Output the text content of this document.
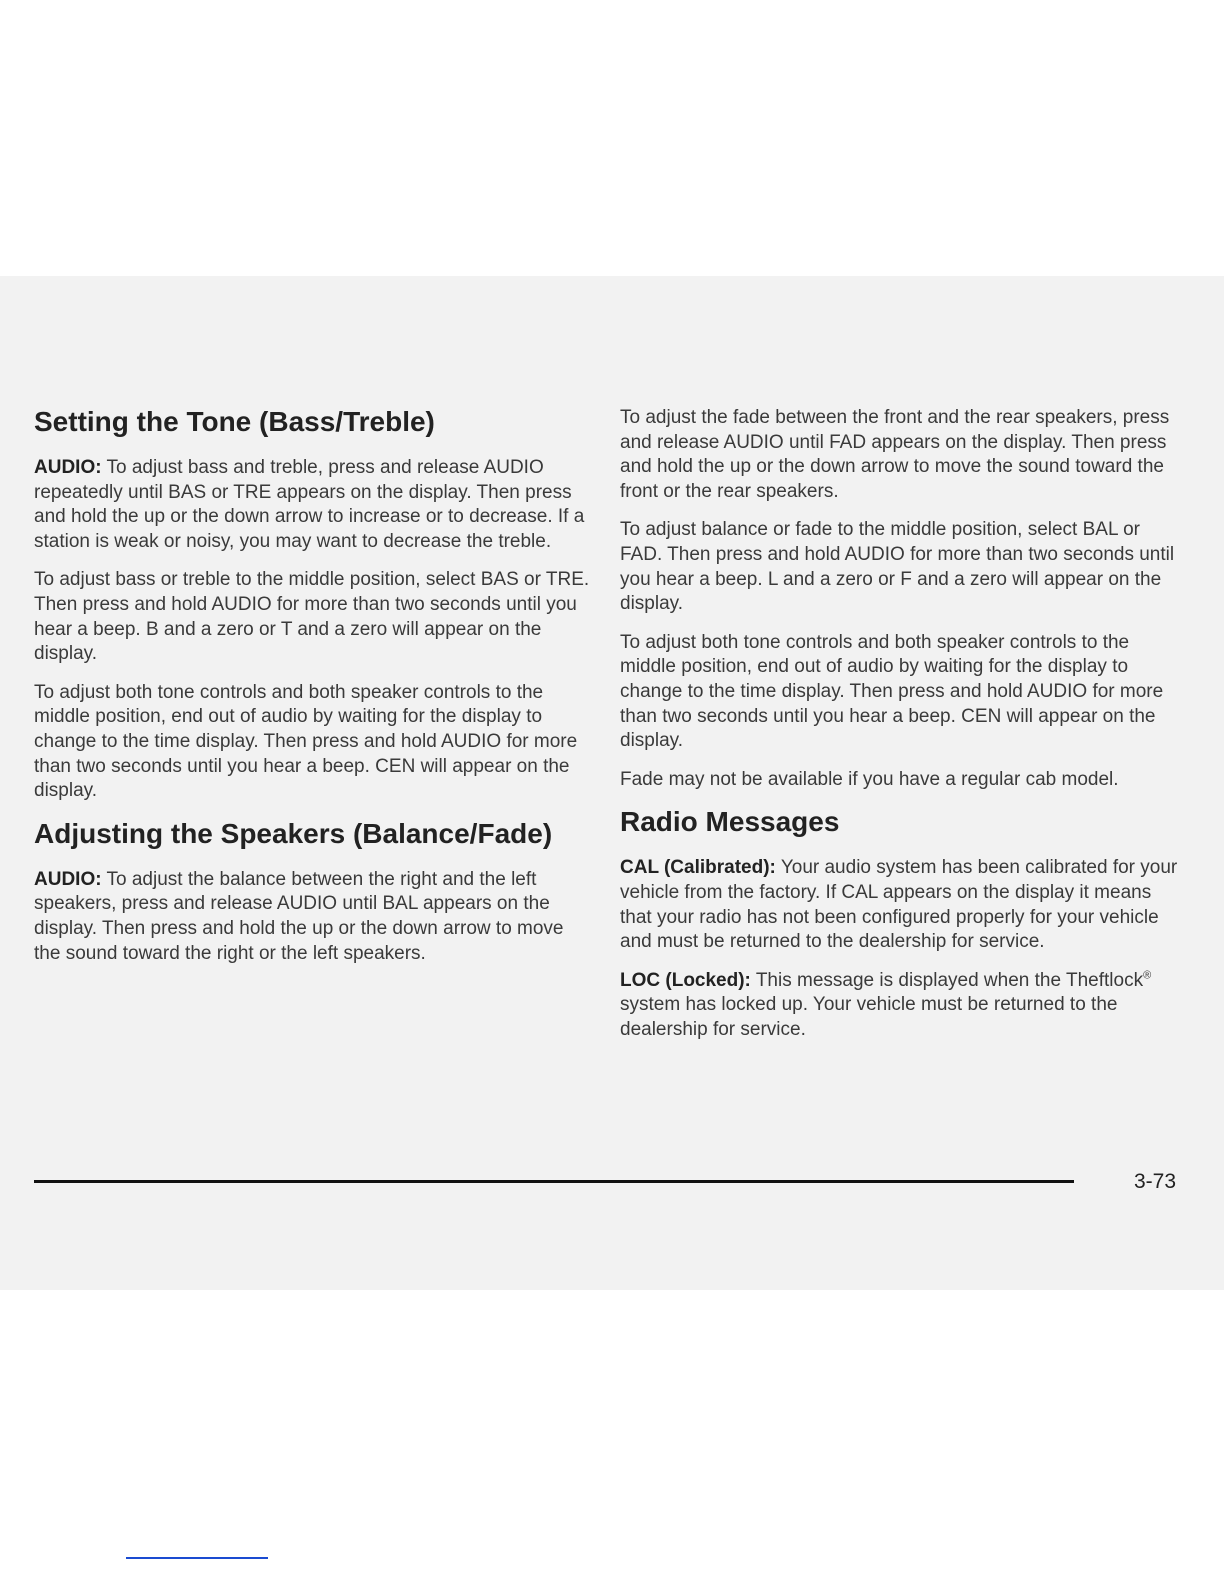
Setting the Tone (Bass/Treble)

AUDIO: To adjust bass and treble, press and release AUDIO repeatedly until BAS or TRE appears on the display. Then press and hold the up or the down arrow to increase or to decrease. If a station is weak or noisy, you may want to decrease the treble.

To adjust bass or treble to the middle position, select BAS or TRE. Then press and hold AUDIO for more than two seconds until you hear a beep. B and a zero or T and a zero will appear on the display.

To adjust both tone controls and both speaker controls to the middle position, end out of audio by waiting for the display to change to the time display. Then press and hold AUDIO for more than two seconds until you hear a beep. CEN will appear on the display.

Adjusting the Speakers (Balance/Fade)

AUDIO: To adjust the balance between the right and the left speakers, press and release AUDIO until BAL appears on the display. Then press and hold the up or the down arrow to move the sound toward the right or the left speakers.

To adjust the fade between the front and the rear speakers, press and release AUDIO until FAD appears on the display. Then press and hold the up or the down arrow to move the sound toward the front or the rear speakers.

To adjust balance or fade to the middle position, select BAL or FAD. Then press and hold AUDIO for more than two seconds until you hear a beep. L and a zero or F and a zero will appear on the display.

To adjust both tone controls and both speaker controls to the middle position, end out of audio by waiting for the display to change to the time display. Then press and hold AUDIO for more than two seconds until you hear a beep. CEN will appear on the display.

Fade may not be available if you have a regular cab model.

Radio Messages

CAL (Calibrated): Your audio system has been calibrated for your vehicle from the factory. If CAL appears on the display it means that your radio has not been configured properly for your vehicle and must be returned to the dealership for service.

LOC (Locked): This message is displayed when the Theftlock® system has locked up. Your vehicle must be returned to the dealership for service.

3-73
